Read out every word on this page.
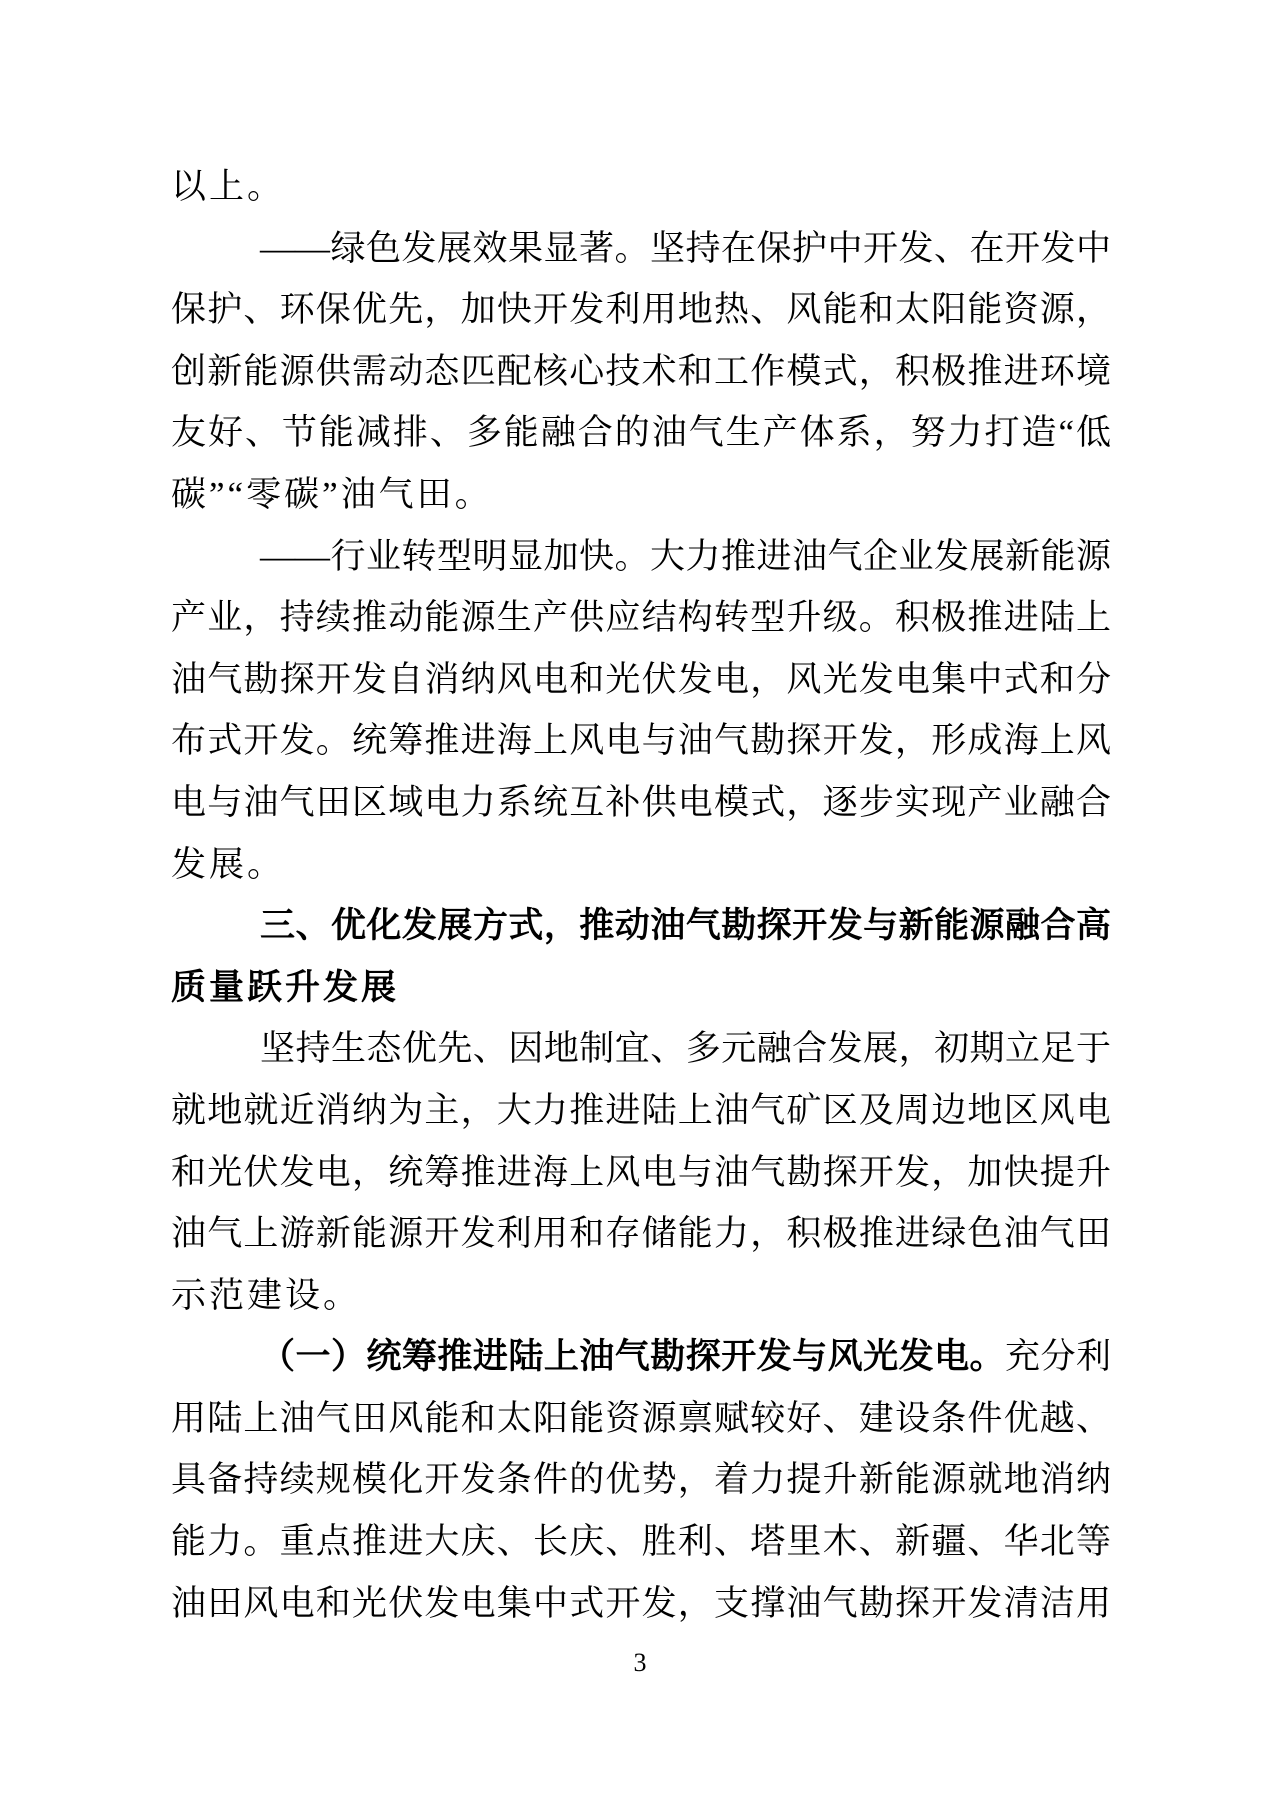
以上。
——绿色发展效果显著。坚持在保护中开发、在开发中
保护、环保优先，加快开发利用地热、风能和太阳能资源，
创新能源供需动态匹配核心技术和工作模式，积极推进环境
友好、节能减排、多能融合的油气生产体系，努力打造“低
碳”“零碳”油气田。
——行业转型明显加快。大力推进油气企业发展新能源
产业，持续推动能源生产供应结构转型升级。积极推进陆上
油气勘探开发自消纳风电和光伏发电，风光发电集中式和分
布式开发。统筹推进海上风电与油气勘探开发，形成海上风
电与油气田区域电力系统互补供电模式，逐步实现产业融合
发展。
三、优化发展方式，推动油气勘探开发与新能源融合高
质量跃升发展
坚持生态优先、因地制宜、多元融合发展，初期立足于
就地就近消纳为主，大力推进陆上油气矿区及周边地区风电
和光伏发电，统筹推进海上风电与油气勘探开发，加快提升
油气上游新能源开发利用和存储能力，积极推进绿色油气田
示范建设。
（一）统筹推进陆上油气勘探开发与风光发电。充分利
用陆上油气田风能和太阳能资源禀赋较好、建设条件优越、
具备持续规模化开发条件的优势，着力提升新能源就地消纳
能力。重点推进大庆、长庆、胜利、塔里木、新疆、华北等
油田风电和光伏发电集中式开发，支撑油气勘探开发清洁用
3
